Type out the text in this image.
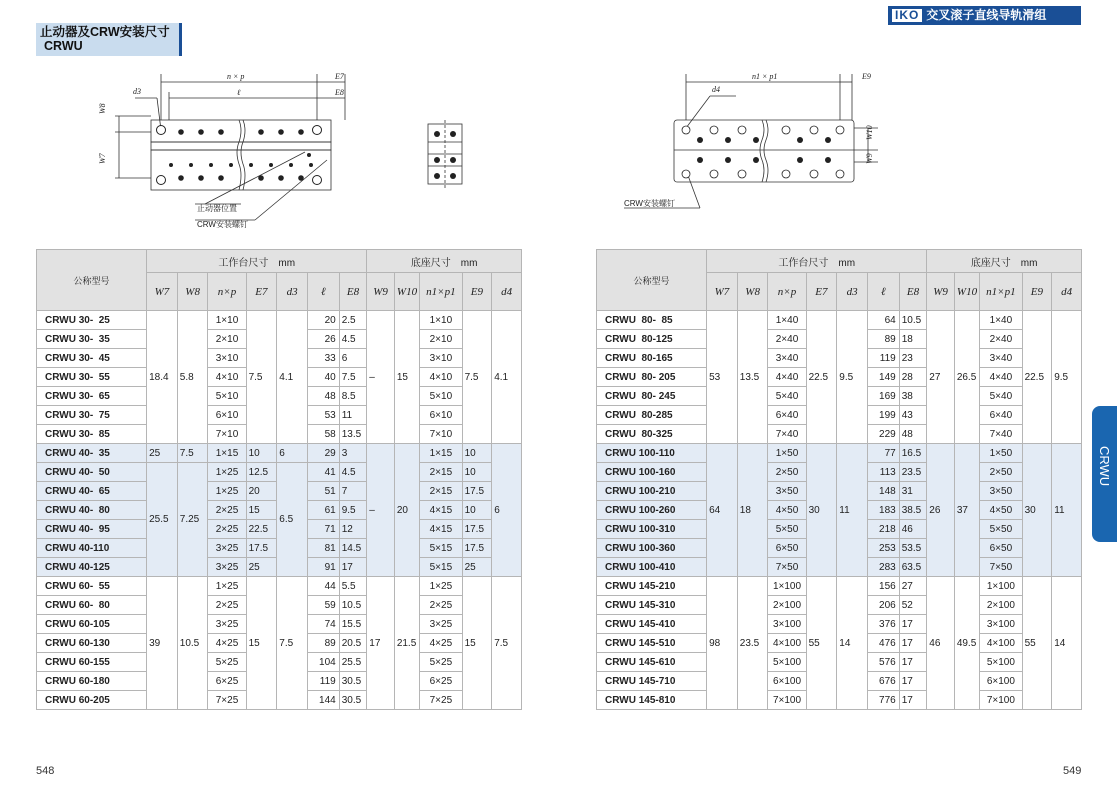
止动器及CRW安装尺寸
CRWU
IKO 交叉滚子直线导轨滑组
CRWU
n × p
ℓ
E7
E8
d3
W8
W7
止动器位置
CRW安装螺钉
n1 × p1	E9
d4
W10
W9
CRW安装螺钉
公称型号	工作台尺寸　mm							底座尺寸　mm				
	W7	W8	n×p	E7	d3	ℓ	E8	W9	W10	n1×p1	E9	d4
CRWU 30-  25	18.4	5.8	1×10	7.5	4.1	20	2.5	–	15	1×10	7.5	4.1
CRWU 30-  35			2×10			26	4.5			2×10		
CRWU 30-  45			3×10			33	6			3×10		
CRWU 30-  55			4×10			40	7.5			4×10		
CRWU 30-  65			5×10			48	8.5			5×10		
CRWU 30-  75			6×10			53	11			6×10		
CRWU 30-  85			7×10			58	13.5			7×10		
CRWU 40-  35	25	7.5	1×15	10	6	29	3	–	20	1×15	10	6
CRWU 40-  50	25.5	7.25	1×25	12.5	6.5	41	4.5			2×15	10	
CRWU 40-  65			1×25	20		51	7			2×15	17.5	
CRWU 40-  80			2×25	15		61	9.5			4×15	10	
CRWU 40-  95			2×25	22.5		71	12			4×15	17.5	
CRWU 40-110			3×25	17.5		81	14.5			5×15	17.5	
CRWU 40-125			3×25	25		91	17			5×15	25	
CRWU 60-  55	39	10.5	1×25	15	7.5	44	5.5	17	21.5	1×25	15	7.5
CRWU 60-  80			2×25			59	10.5			2×25		
CRWU 60-105			3×25			74	15.5			3×25		
CRWU 60-130			4×25			89	20.5			4×25		
CRWU 60-155			5×25			104	25.5			5×25		
CRWU 60-180			6×25			119	30.5			6×25		
CRWU 60-205			7×25			144	30.5			7×25		
公称型号	工作台尺寸　mm							底座尺寸　mm				
	W7	W8	n×p	E7	d3	ℓ	E8	W9	W10	n1×p1	E9	d4
CRWU  80-  85	53	13.5	1×40	22.5	9.5	64	10.5	27	26.5	1×40	22.5	9.5
CRWU  80-125			2×40			89	18			2×40		
CRWU  80-165			3×40			119	23			3×40		
CRWU  80- 205			4×40			149	28			4×40		
CRWU  80- 245			5×40			169	38			5×40		
CRWU  80-285			6×40			199	43			6×40		
CRWU  80-325			7×40			229	48			7×40		
CRWU 100-110	64	18	1×50	30	11	77	16.5	26	37	1×50	30	11
CRWU 100-160			2×50			113	23.5			2×50		
CRWU 100-210			3×50			148	31			3×50		
CRWU 100-260			4×50			183	38.5			4×50		
CRWU 100-310			5×50			218	46			5×50		
CRWU 100-360			6×50			253	53.5			6×50		
CRWU 100-410			7×50			283	63.5			7×50		
CRWU 145-210	98	23.5	1×100	55	14	156	27	46	49.5	1×100	55	14
CRWU 145-310			2×100			206	52			2×100		
CRWU 145-410			3×100			376	17			3×100		
CRWU 145-510			4×100			476	17			4×100		
CRWU 145-610			5×100			576	17			5×100		
CRWU 145-710			6×100			676	17			6×100		
CRWU 145-810			7×100			776	17			7×100		
548	549
